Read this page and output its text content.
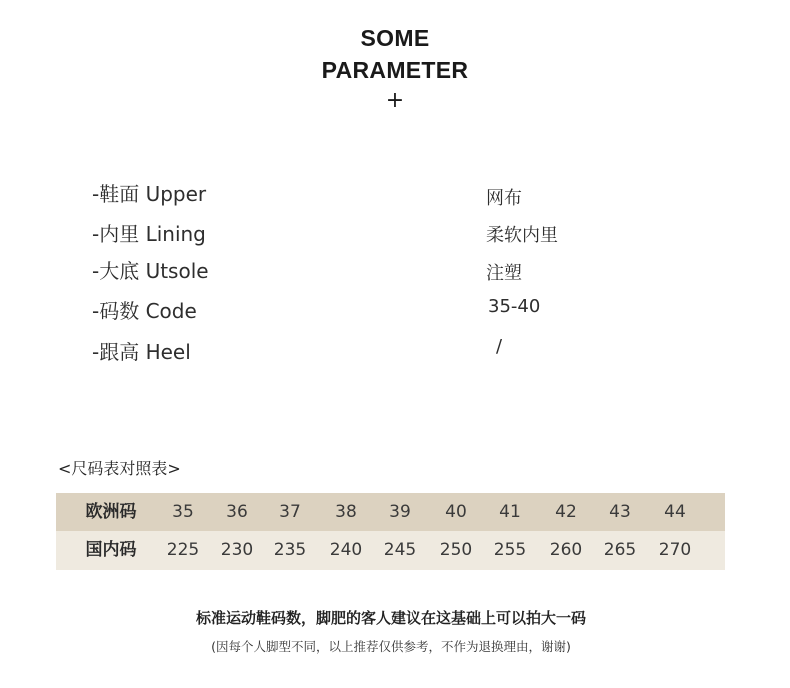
SOME
PARAMETER
+
-鞋面 Upper	网布
-内里 Lining	柔软内里
-大底 Utsole	注塑
-码数 Code	35-40
-跟高 Heel	/
<尺码表对照表>
欧洲码	35	36	37	38	39	40	41	42	43	44
国内码	225	230	235	240	245	250	255	260	265	270
标准运动鞋码数，脚肥的客人建议在这基础上可以拍大一码
(因每个人脚型不同，以上推荐仅供参考，不作为退换理由，谢谢)
